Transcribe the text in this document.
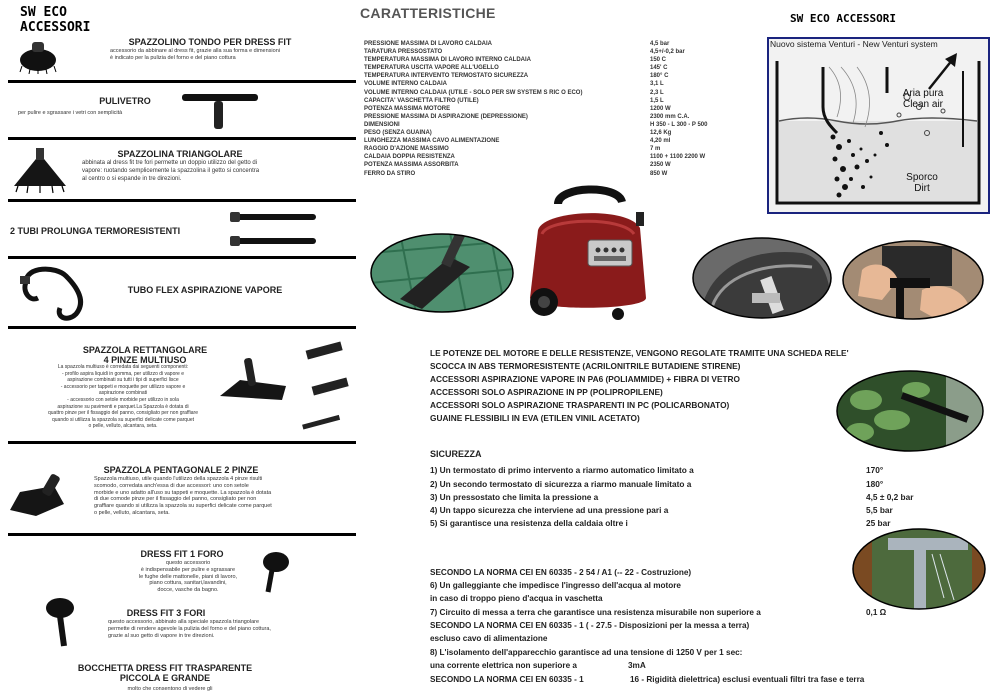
SW ECO ACCESSORI
SPAZZOLINO TONDO PER DRESS FIT
accessorio da abbinare al dress fit, grazie alla sua forma e dimensioni
è indicato per la pulizia del forno e del piano cottura
PULIVETRO
per pulire e sgrassare i vetri con semplicità
SPAZZOLINA TRIANGOLARE
abbinata al dress fit tre fori permette un doppio utilizzo del getto di
vapore: ruotando semplicemente la spazzolina il getto si concentra
al centro o si espande in tre direzioni.
2 TUBI PROLUNGA TERMORESISTENTI
TUBO FLEX ASPIRAZIONE VAPORE
SPAZZOLA RETTANGOLARE
4 PINZE MULTIUSO
La spazzola multiuso è corredata dai seguenti componenti:
- profilo aspira liquidi in gomma, per utilizzo di vapore e
aspirazione combinati su tutti i tipi di superfici lisce
- accessorio per tappeti e moquette per utilizzo vapore e
aspirazione combinati
- accessorio con setole morbide per utilizzo in sola
aspirazione su pavimenti e parquet.La Spazzola è dotata di
quattro pinze per il fissaggio del panno, consigliato per non graffiare
quando si utilizza la spazzola su superfici delicate come parquet
o pelle, velluto, alcantara, seta.
SPAZZOLA PENTAGONALE 2 PINZE
Spazzola multiuso, utile quando l'utilizzo della spazzola 4 pinze risulti
scomodo, corredata anch'essa di due accessori: uno con setole
morbide e uno adatto all'uso su tappeti e moquette. La spazzola è dotata
di due comode pinze per il fissaggio del panno, consigliato per non
graffiare quando si utilizza la spazzola su superfici delicate come parquet
o pelle, velluto, alcantara, seta.
DRESS FIT 1 FORO
questo accessorio
è indispensabile per pulire e sgrassare
le fughe delle mattonelle, piani di lavoro,
piano cottura, sanitari,lavandini,
docce, vasche da bagno.
DRESS FIT 3 FORI
questo accessorio, abbinato alla speciale spazzola triangolare
permette di rendere agevole la pulizia del forno e del piano cottura,
grazie al suo getto di vapore in tre direzioni.
BOCCHETTA DRESS FIT TRASPARENTE
PICCOLA E GRANDE
molto che consentono di vedere gli
CARATTERISTICHE
PRESSIONE MASSIMA DI LAVORO CALDAIA	4,5 bar
TARATURA PRESSOSTATO	4,5+/-0,2 bar
TEMPERATURA MASSIMA DI LAVORO INTERNO CALDAIA	150 C
TEMPERATURA USCITA VAPORE ALL'UGELLO	145' C
TEMPERATURA INTERVENTO TERMOSTATO SICUREZZA	180° C
VOLUME INTERNO CALDAIA	3,1 L
VOLUME INTERNO CALDAIA (UTILE - SOLO PER SW SYSTEM S RIC O ECO)	2,3 L
CAPACITA' VASCHETTA FILTRO (UTILE)	1,5 L
POTENZA MASSIMA MOTORE	1200 W
PRESSIONE MASSIMA DI ASPIRAZIONE (DEPRESSIONE)	2300 mm C.A.
DIMENSIONI	H 350 - L 300 - P 500
PESO (SENZA GUAINA)	12,6 Kg
LUNGHEZZA MASSIMA CAVO ALIMENTAZIONE	4,20 ml
RAGGIO D'AZIONE MASSIMO	7 m
CALDAIA DOPPIA RESISTENZA	1100 + 1100 2200 W
POTENZA MASSIMA ASSORBITA	2350 W
FERRO DA STIRO	850 W
SW ECO ACCESSORI
Nuovo sistema Venturi - New Venturi system
Aria pura
Clean air
Sporco
Dirt
LE POTENZE DEL MOTORE E DELLE RESISTENZE, VENGONO REGOLATE TRAMITE UNA SCHEDA RELE'
SCOCCA IN ABS TERMORESISTENTE (ACRILONITRILE BUTADIENE STIRENE)
ACCESSORI ASPIRAZIONE VAPORE IN PA6 (POLIAMMIDE) + FIBRA DI VETRO
ACCESSORI SOLO ASPIRAZIONE IN PP (POLIPROPILENE)
ACCESSORI SOLO ASPIRAZIONE TRASPARENTI IN PC (POLICARBONATO)
GUAINE FLESSIBILI IN EVA (ETILEN VINIL ACETATO)
SICUREZZA
1) Un termostato di primo intervento a riarmo automatico limitato a	170°
2) Un secondo termostato di sicurezza a riarmo manuale limitato a	180°
3) Un pressostato che limita la pressione a	4,5 ± 0,2 bar
4) Un tappo sicurezza che interviene ad una pressione pari a	5,5 bar
5) Si garantisce una resistenza della caldaia oltre i	25 bar
SECONDO LA NORMA CEI EN 60335 - 2 54 / A1 (-- 22 - Costruzione)
6) Un galleggiante che impedisce l'ingresso dell'acqua al motore
in caso di troppo pieno d'acqua in vaschetta
7) Circuito di messa a terra che garantisce una resistenza misurabile non superiore a	0,1 Ω
SECONDO LA NORMA CEI EN 60335 - 1 ( - 27.5 - Disposizioni per la messa a terra)
escluso cavo di alimentazione
8) L'isolamento dell'apparecchio garantisce ad una tensione di 1250 V per 1 sec:
una corrente elettrica non superiore a	3mA
SECONDO LA NORMA CEI EN 60335 - 1	16 - Rigidità dielettrica) esclusi eventuali filtri tra fase e terra
